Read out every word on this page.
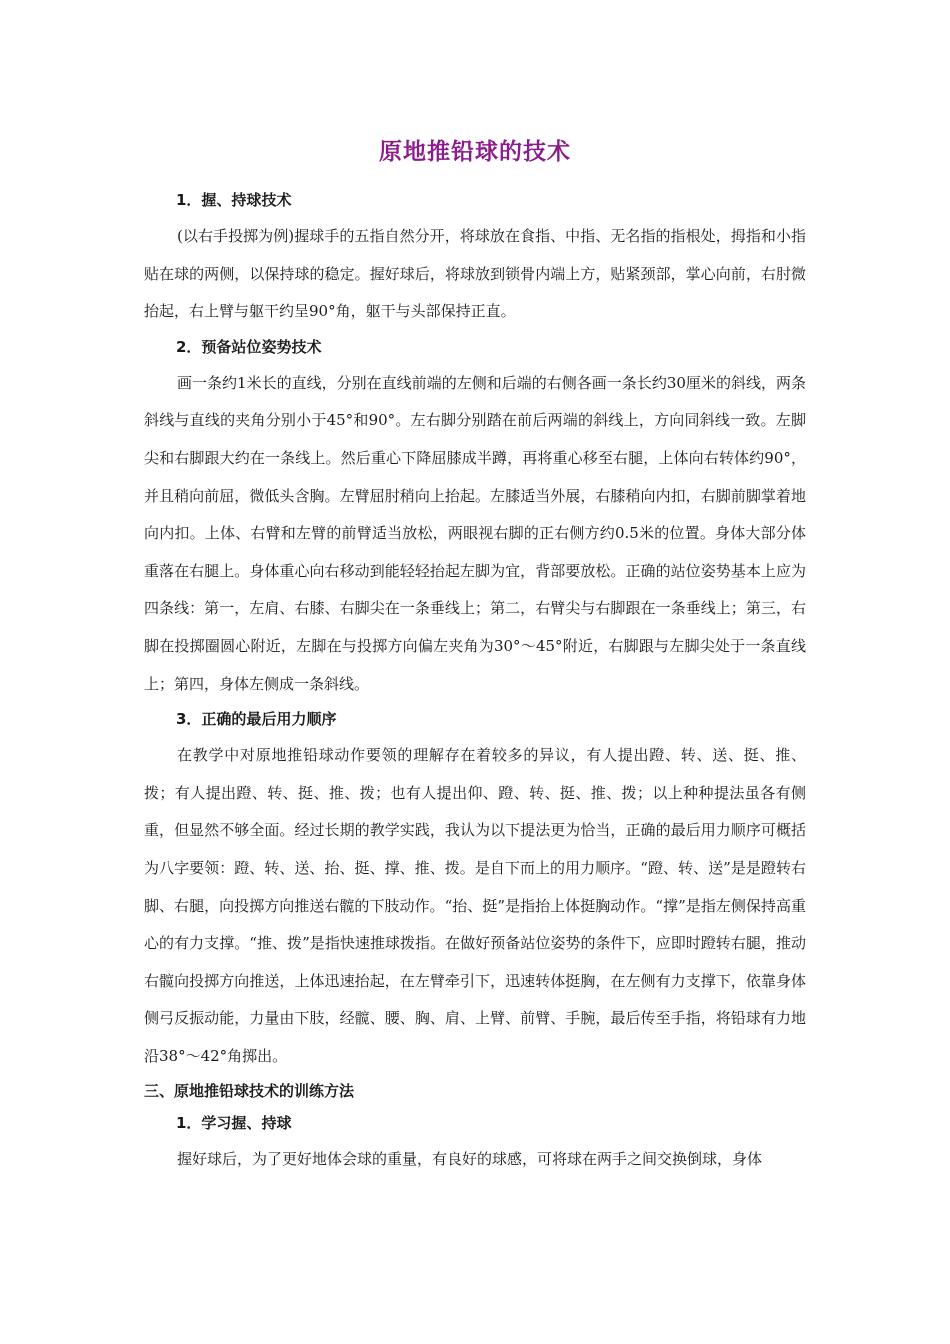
原地推铅球的技术
1．握、持球技术

(以右手投掷为例)握球手的五指自然分开，将球放在食指、中指、无名指的指根处，拇指和小指贴在球的两侧，以保持球的稳定。握好球后，将球放到锁骨内端上方，贴紧颈部，掌心向前，右肘微抬起，右上臂与躯干约呈90°角，躯干与头部保持正直。

2．预备站位姿势技术

画一条约1米长的直线，分别在直线前端的左侧和后端的右侧各画一条长约30厘米的斜线，两条斜线与直线的夹角分别小于45°和90°。左右脚分别踏在前后两端的斜线上，方向同斜线一致。左脚尖和右脚跟大约在一条线上。然后重心下降屈膝成半蹲，再将重心移至右腿，上体向右转体约90°，并且稍向前屈，微低头含胸。左臂屈肘稍向上抬起。左膝适当外展，右膝稍向内扣，右脚前脚掌着地向内扣。上体、右臂和左臂的前臂适当放松，两眼视右脚的正右侧方约0.5米的位置。身体大部分体重落在右腿上。身体重心向右移动到能轻轻抬起左脚为宜，背部要放松。正确的站位姿势基本上应为四条线：第一，左肩、右膝、右脚尖在一条垂线上；第二，右臂尖与右脚跟在一条垂线上；第三，右脚在投掷圈圆心附近，左脚在与投掷方向偏左夹角为30°～45°附近，右脚跟与左脚尖处于一条直线上；第四，身体左侧成一条斜线。

3．正确的最后用力顺序

在教学中对原地推铅球动作要领的理解存在着较多的异议，有人提出蹬、转、送、挺、推、拨；有人提出蹬、转、挺、推、拨；也有人提出仰、蹬、转、挺、推、拨；以上种种提法虽各有侧重，但显然不够全面。经过长期的教学实践，我认为以下提法更为恰当，正确的最后用力顺序可概括为八字要领：蹬、转、送、抬、挺、撑、推、拨。是自下而上的用力顺序。“蹬、转、送”是是蹬转右脚、右腿，向投掷方向推送右髋的下肢动作。“抬、挺”是指抬上体挺胸动作。“撑”是指左侧保持高重心的有力支撑。“推、拨”是指快速推球拨指。在做好预备站位姿势的条件下，应即时蹬转右腿，推动右髋向投掷方向推送，上体迅速抬起，在左臂牵引下，迅速转体挺胸，在左侧有力支撑下，依靠身体侧弓反振动能，力量由下肢，经髋、腰、胸、肩、上臂、前臂、手腕，最后传至手指，将铅球有力地沿38°～42°角掷出。

三、原地推铅球技术的训练方法
1．学习握、持球

握好球后，为了更好地体会球的重量，有良好的球感，可将球在两手之间交换倒球，身体
